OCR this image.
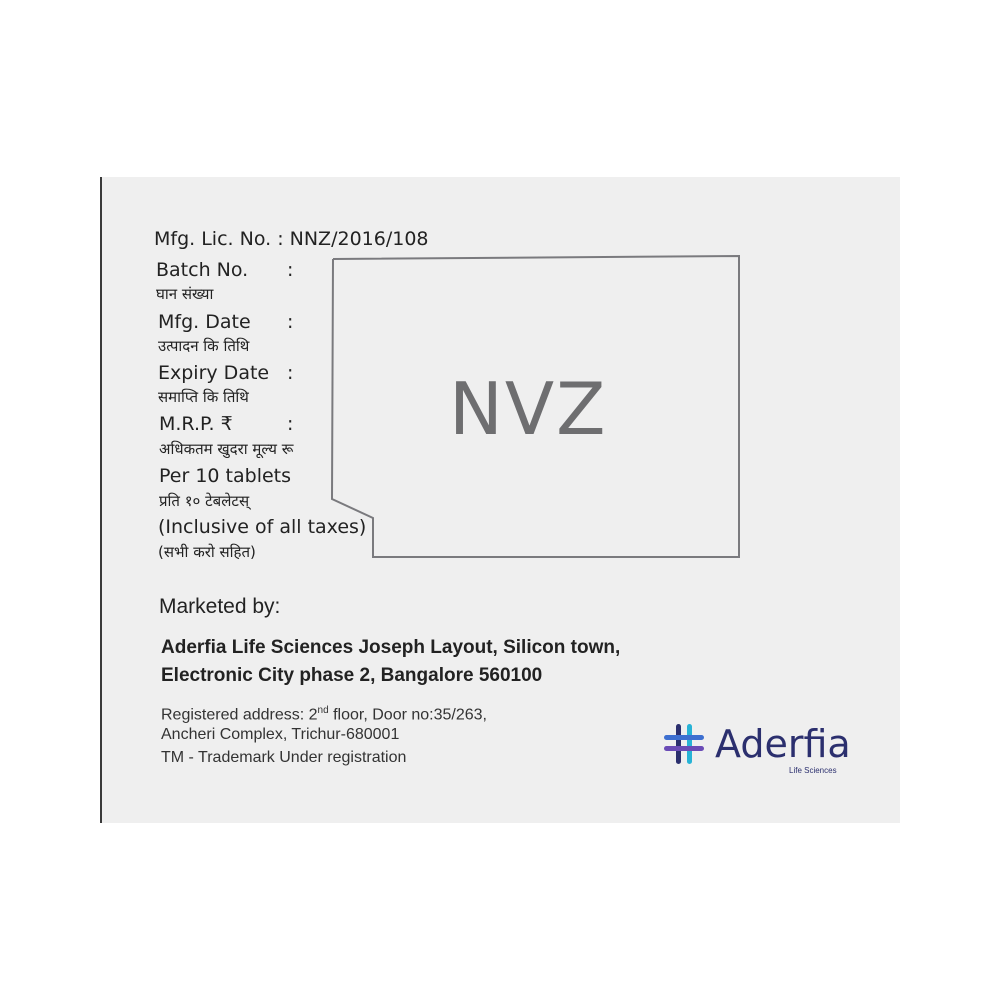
Mfg. Lic. No. : NNZ/2016/108
Batch No. :
घान संख्या
Mfg. Date :
उत्पादन कि तिथि
Expiry Date :
समाप्ति कि तिथि
M.R.P. ₹	:
अधिकतम खुदरा मूल्य रू
Per 10 tablets
प्रति १० टेबलेटस्
(Inclusive of all taxes)
(सभी करो सहित)
NVZ
Marketed by:
Aderfia Life Sciences Joseph Layout, Silicon town,
Electronic City phase 2, Bangalore 560100
Registered address: 2nd floor, Door no:35/263,
Ancheri Complex, Trichur-680001
TM - Trademark Under registration	Aderfia
Life Sciences
